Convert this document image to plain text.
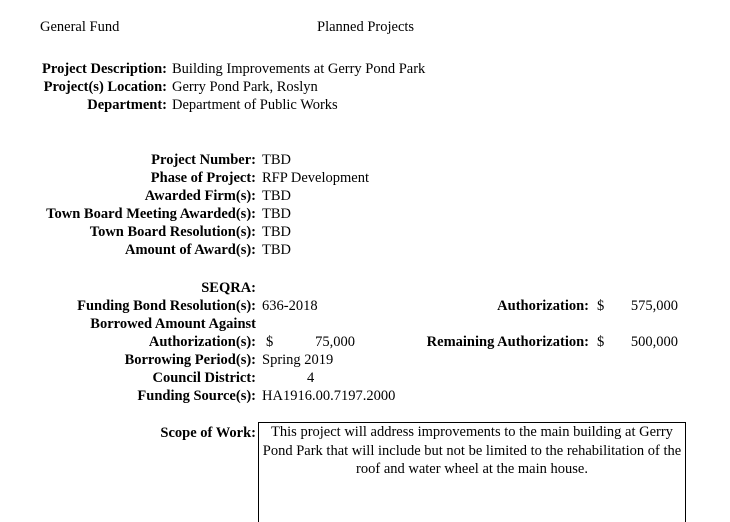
General Fund	Planned Projects
Project Description: Building Improvements at Gerry Pond Park
Project(s) Location: Gerry Pond Park, Roslyn
Department: Department of Public Works
Project Number: TBD
Phase of Project: RFP Development
Awarded Firm(s): TBD
Town Board Meeting Awarded(s): TBD
Town Board Resolution(s): TBD
Amount of Award(s): TBD
SEQRA:
Funding Bond Resolution(s): 636-2018	Authorization: $ 575,000
Borrowed Amount Against
Authorization(s): $	75,000	Remaining Authorization: $ 500,000
Borrowing Period(s): Spring 2019
Council District:	4
Funding Source(s): HA1916.00.7197.2000
Scope of Work:	This project will address improvements to the main building at Gerry Pond Park that will include but not be limited to the rehabilitation of the roof and water wheel at the main house.
